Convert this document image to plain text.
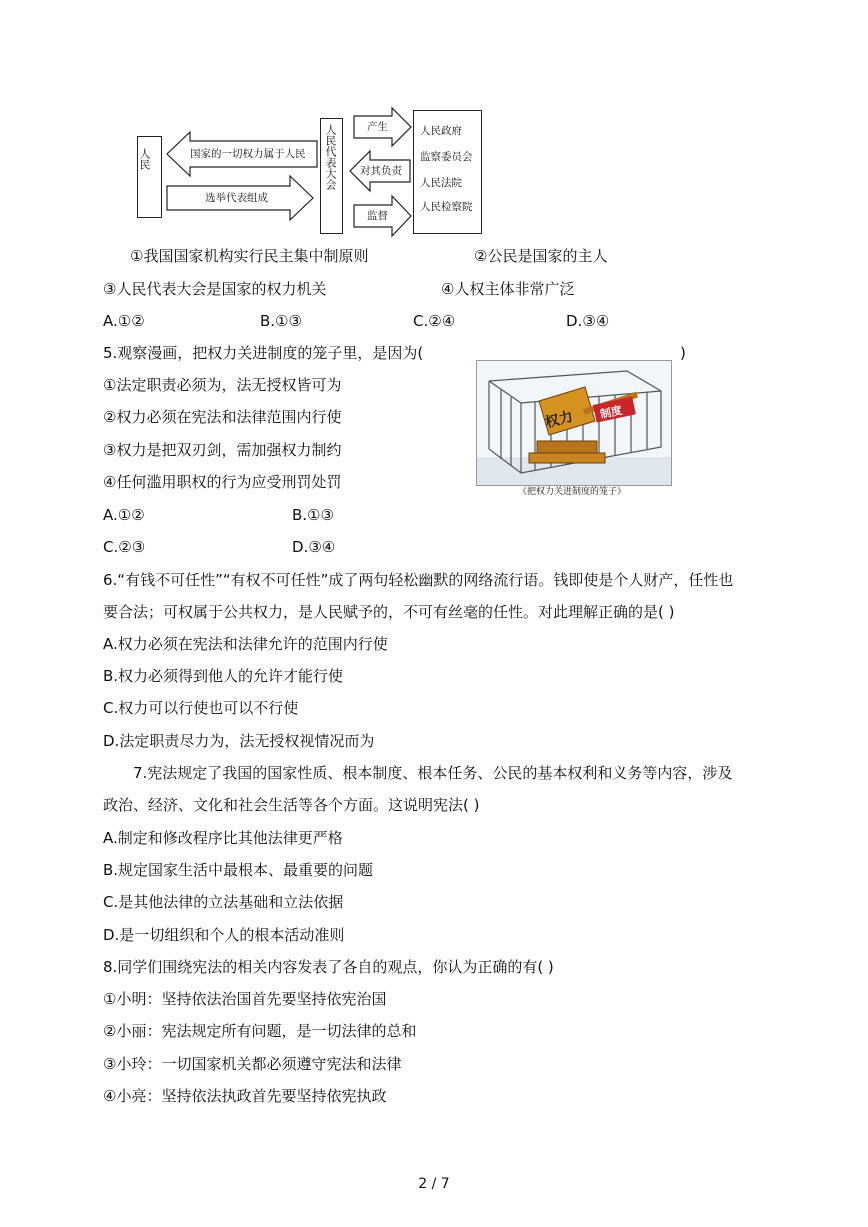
人民	国家的一切权力属于人民
选举代表组成
人民代表大会	产生
对其负责
监督
人民政府
监察委员会
人民法院
人民检察院
①我国国家机构实行民主集中制原则	②公民是国家的主人
③人民代表大会是国家的权力机关	④人权主体非常广泛
A.①②	B.①③	C.②④	D.③④
5.观察漫画，把权力关进制度的笼子里，是因为(	)
①法定职责必须为，法无授权皆可为
②权力必须在宪法和法律范围内行使
③权力是把双刃剑，需加强权力制约
④任何滥用职权的行为应受刑罚处罚
A.①②	B.①③
C.②③	D.③④
权力 制度
《把权力关进制度的笼子》
6.“有钱不可任性”“有权不可任性”成了两句轻松幽默的网络流行语。钱即使是个人财产，任性也
要合法；可权属于公共权力，是人民赋予的，不可有丝毫的任性。对此理解正确的是( )
A.权力必须在宪法和法律允许的范围内行使
B.权力必须得到他人的允许才能行使
C.权力可以行使也可以不行使
D.法定职责尽力为，法无授权视情况而为
7.宪法规定了我国的国家性质、根本制度、根本任务、公民的基本权利和义务等内容，涉及
政治、经济、文化和社会生活等各个方面。这说明宪法( )
A.制定和修改程序比其他法律更严格
B.规定国家生活中最根本、最重要的问题
C.是其他法律的立法基础和立法依据
D.是一切组织和个人的根本活动准则
8.同学们围绕宪法的相关内容发表了各自的观点，你认为正确的有( )
①小明：坚持依法治国首先要坚持依宪治国
②小丽：宪法规定所有问题，是一切法律的总和
③小玲：一切国家机关都必须遵守宪法和法律
④小亮：坚持依法执政首先要坚持依宪执政
2 / 7
